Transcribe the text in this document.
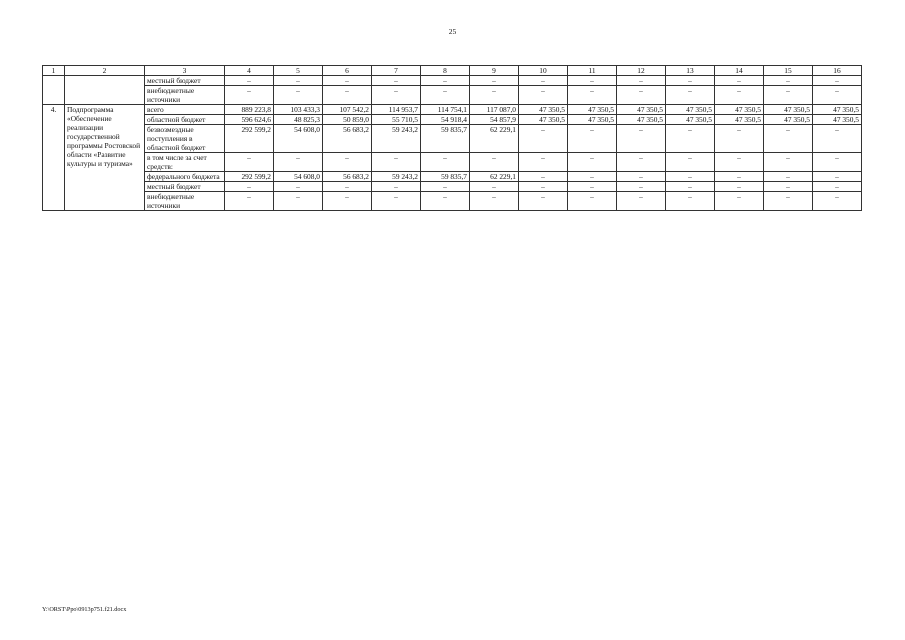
25
1	2	3	4	5	6	7	8	9	10	11	12	13	14	15	16
		местный бюджет	–	–	–	–	–	–	–	–	–	–	–	–	–
		внебюджетные источники	–	–	–	–	–	–	–	–	–	–	–	–	–
4.	Подпрограмма «Обеспечение реализации государственной программы Ростовской области «Развитие культуры и туризма»	всего	889 223,8	103 433,3	107 542,2	114 953,7	114 754,1	117 087,0	47 350,5	47 350,5	47 350,5	47 350,5	47 350,5	47 350,5	47 350,5
		областной бюджет	596 624,6	48 825,3	50 859,0	55 710,5	54 918,4	54 857,9	47 350,5	47 350,5	47 350,5	47 350,5	47 350,5	47 350,5	47 350,5
		безвозмездные поступления в областной бюджет	292 599,2	54 608,0	56 683,2	59 243,2	59 835,7	62 229,1	–	–	–	–	–	–	–
		в том числе за счет средств:	–	–	–	–	–	–	–	–	–	–	–	–	–
		федерального бюджета	292 599,2	54 608,0	56 683,2	59 243,2	59 835,7	62 229,1	–	–	–	–	–	–	–
		местный бюджет	–	–	–	–	–	–	–	–	–	–	–	–	–
		внебюджетные источники	–	–	–	–	–	–	–	–	–	–	–	–	–
Y:\ORST\Ppo\0913p751.f21.docx
